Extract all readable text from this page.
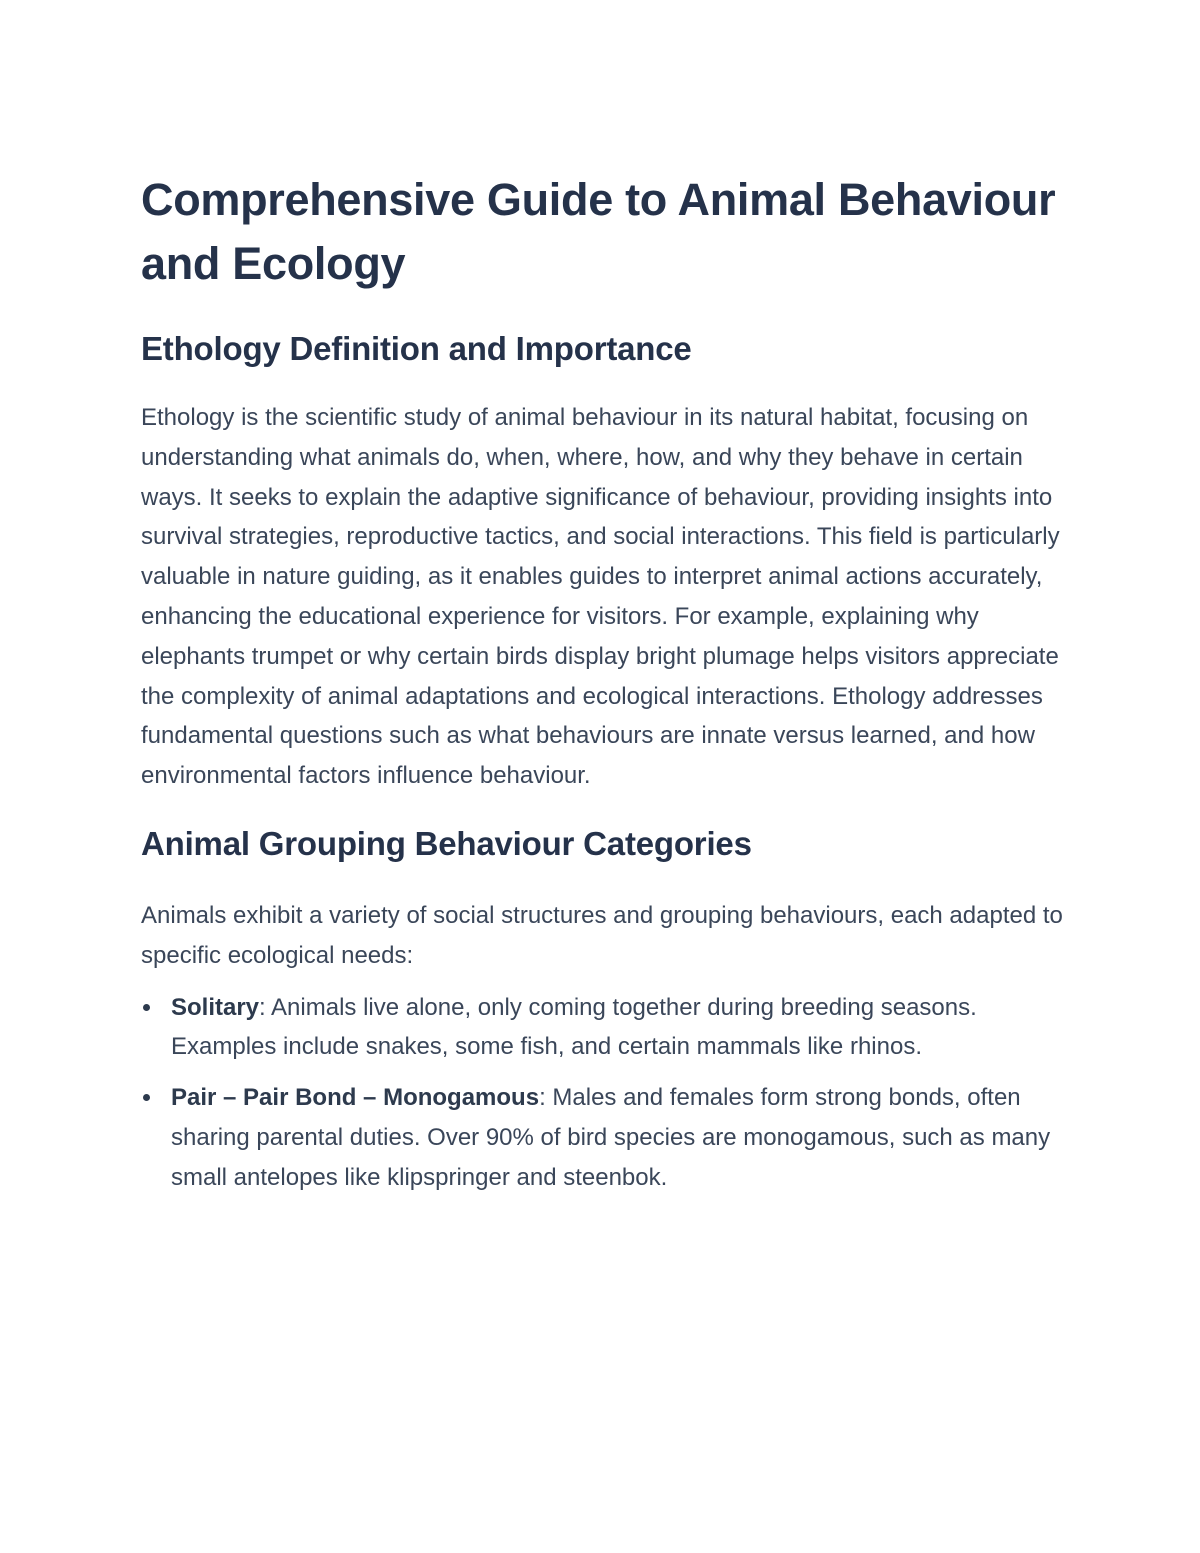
Comprehensive Guide to Animal Behaviour and Ecology
Ethology Definition and Importance

Ethology is the scientific study of animal behaviour in its natural habitat, focusing on understanding what animals do, when, where, how, and why they behave in certain ways. It seeks to explain the adaptive significance of behaviour, providing insights into survival strategies, reproductive tactics, and social interactions. This field is particularly valuable in nature guiding, as it enables guides to interpret animal actions accurately, enhancing the educational experience for visitors. For example, explaining why elephants trumpet or why certain birds display bright plumage helps visitors appreciate the complexity of animal adaptations and ecological interactions. Ethology addresses fundamental questions such as what behaviours are innate versus learned, and how environmental factors influence behaviour.

Animal Grouping Behaviour Categories

Animals exhibit a variety of social structures and grouping behaviours, each adapted to specific ecological needs:

Solitary: Animals live alone, only coming together during breeding seasons. Examples include snakes, some fish, and certain mammals like rhinos.
Pair – Pair Bond – Monogamous: Males and females form strong bonds, often sharing parental duties. Over 90% of bird species are monogamous, such as many small antelopes like klipspringer and steenbok.
